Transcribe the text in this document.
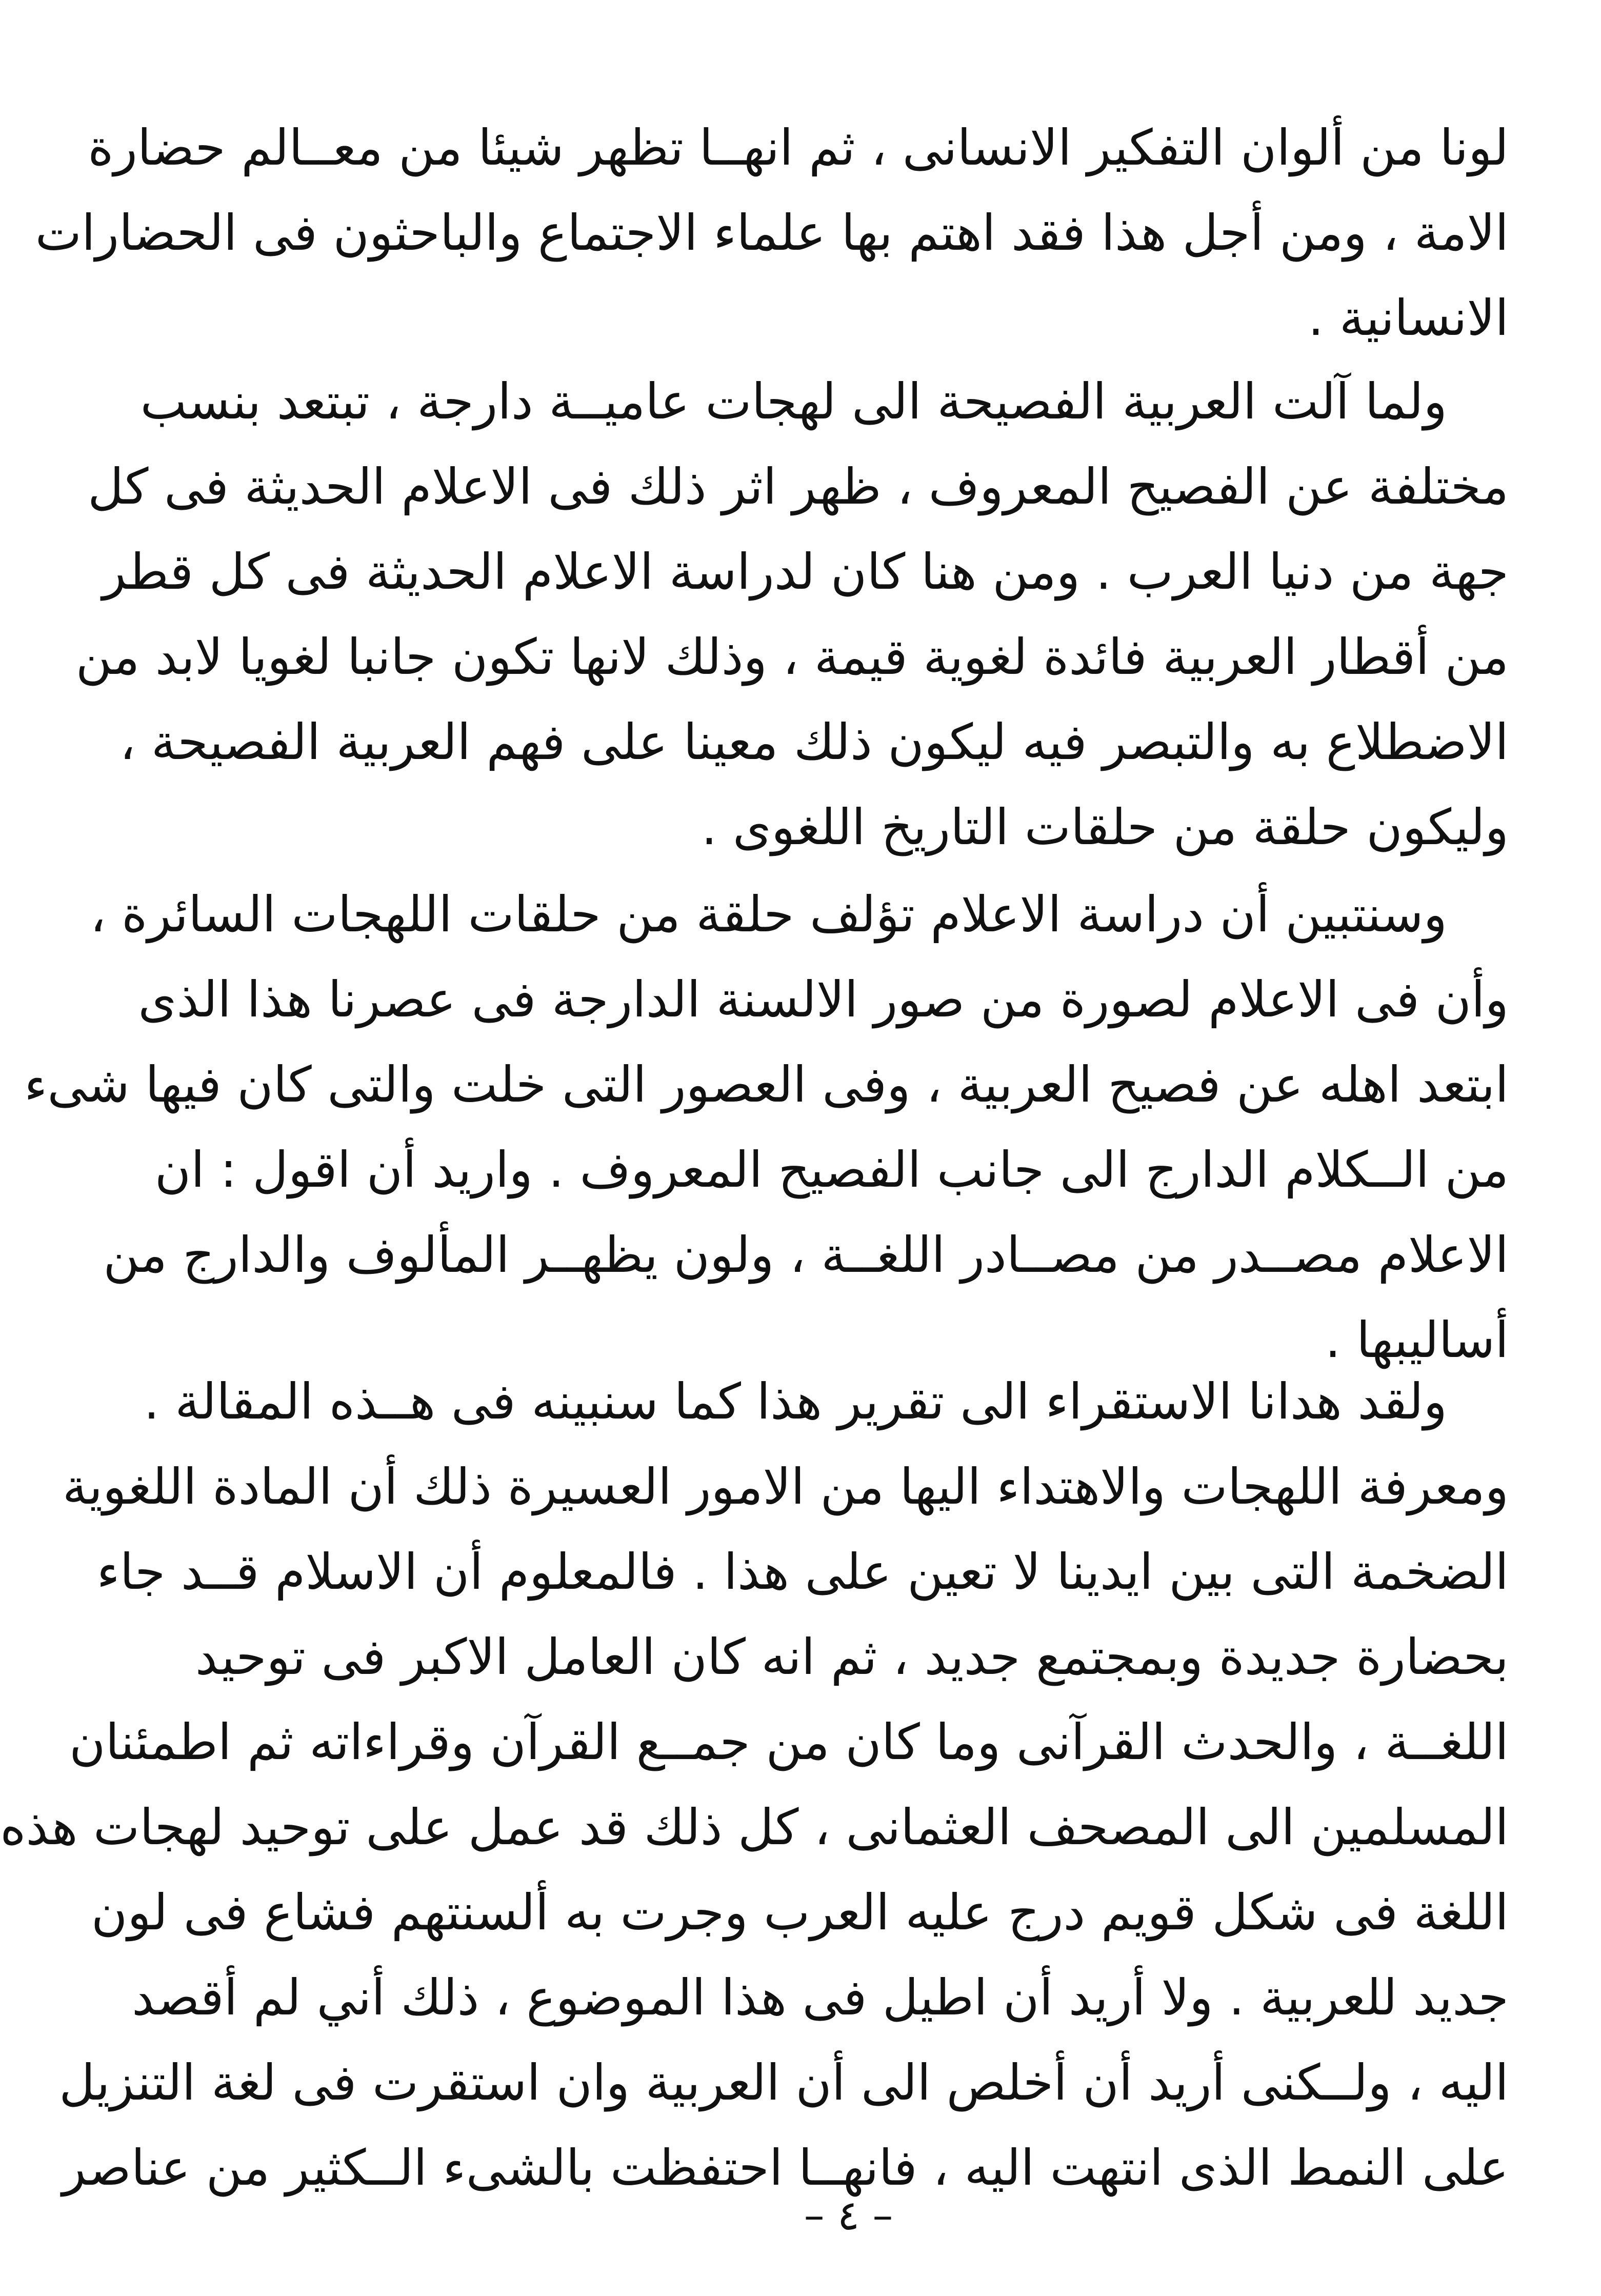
لونا من ألوان التفكير الانسانى ، ثم انهــا تظهر شيئا من معــالم حضارة
الامة ، ومن أجل هذا فقد اهتم بها علماء الاجتماع والباحثون فى الحضارات
الانسانية .
ولما آلت العربية الفصيحة الى لهجات عاميــة دارجة ، تبتعد بنسب
مختلفة عن الفصيح المعروف ، ظهر اثر ذلك فى الاعلام الحديثة فى كل
جهة من دنيا العرب . ومن هنا كان لدراسة الاعلام الحديثة فى كل قطر
من أقطار العربية فائدة لغوية قيمة ، وذلك لانها تكون جانبا لغويا لابد من
الاضطلاع به والتبصر فيه ليكون ذلك معينا على فهم العربية الفصيحة ،
وليكون حلقة من حلقات التاريخ اللغوى .
وسنتبين أن دراسة الاعلام تؤلف حلقة من حلقات اللهجات السائرة ،
وأن فى الاعلام لصورة من صور الالسنة الدارجة فى عصرنا هذا الذى
ابتعد اهله عن فصيح العربية ، وفى العصور التى خلت والتى كان فيها شىء
من الــكلام الدارج الى جانب الفصيح المعروف . واريد أن اقول : ان
الاعلام مصــدر من مصــادر اللغــة ، ولون يظهــر المألوف والدارج من
أساليبها .
ولقد هدانا الاستقراء الى تقرير هذا كما سنبينه فى هــذه المقالة .
ومعرفة اللهجات والاهتداء اليها من الامور العسيرة ذلك أن المادة اللغوية
الضخمة التى بين ايدينا لا تعين على هذا . فالمعلوم أن الاسلام قــد جاء
بحضارة جديدة وبمجتمع جديد ، ثم انه كان العامل الاكبر فى توحيد
اللغــة ، والحدث القرآنى وما كان من جمــع القرآن وقراءاته ثم اطمئنان
المسلمين الى المصحف العثمانى ، كل ذلك قد عمل على توحيد لهجات هذه
اللغة فى شكل قويم درج عليه العرب وجرت به ألسنتهم فشاع فى لون
جديد للعربية . ولا أريد أن اطيل فى هذا الموضوع ، ذلك أني لم أقصد
اليه ، ولــكنى أريد أن أخلص الى أن العربية وان استقرت فى لغة التنزيل
على النمط الذى انتهت اليه ، فانهــا احتفظت بالشىء الــكثير من عناصر
– ٤ –
